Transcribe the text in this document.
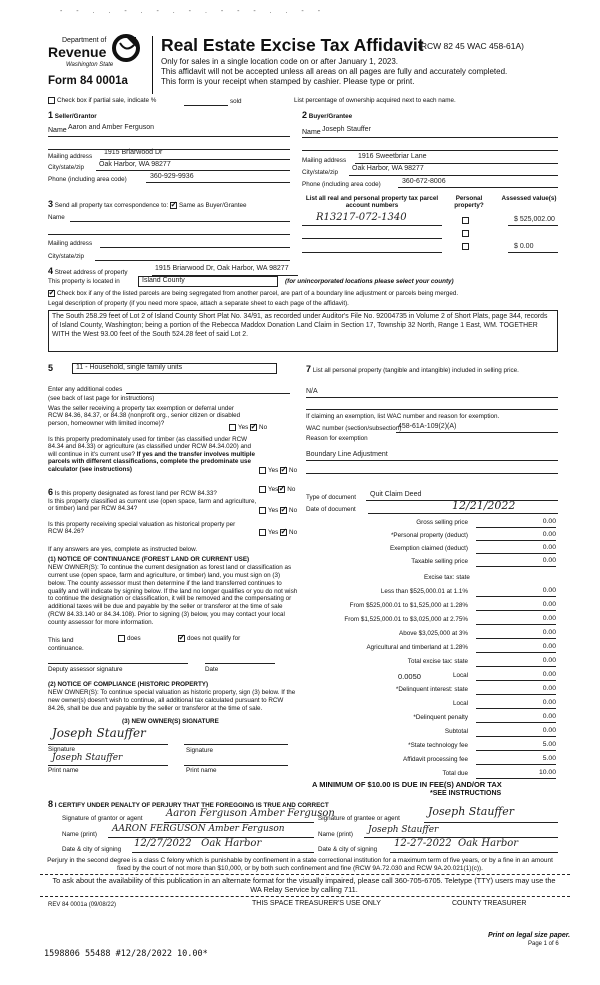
- - . . - . - . - . - - - . . - -
Department of
Revenue
Washington State
Form 84 0001a
Real Estate Excise Tax Affidavit
(RCW 82 45 WAC 458-61A)
Only for sales in a single location code on or after January 1, 2023.
This affidavit will not be accepted unless all areas on all pages are fully and accurately completed.
This form is your receipt when stamped by cashier. Please type or print.
Check box if partial sale, indicate %	sold	List percentage of ownership acquired next to each name.
1 Seller/Grantor
Name Aaron and Amber Ferguson
Mailing address
1915 Briarwood Dr
City/state/zip Oak Harbor, WA 98277
Phone (including area code)	360-929-9936
2 Buyer/Grantee
Name Joseph Stauffer
Mailing address
1916 Sweetbriar Lane
City/state/zip
Oak Harbor, WA 98277
Phone (including area code)	360-672-8006
3 Send all property tax correspondence to: ✓ Same as Buyer/Grantee
Name
Mailing address
City/state/zip
List all real and personal property tax parcel account numbers
Personal property?
Assessed value(s)
R13217-072-1340	$ 525,002.00
$ 0.00
4 Street address of property
1915 Briarwood Dr, Oak Harbor, WA 98277
This property is located in	Island County	(for unincorporated locations please select your county)
✓Check box if any of the listed parcels are being segregated from another parcel, are part of a boundary line adjustment or parcels being merged.
Legal description of property (if you need more space, attach a separate sheet to each page of the affidavit).
The South 258.29 feet of Lot 2 of Island County Short Plat No. 34/91, as recorded under Auditor's File No. 92004735 in Volume 2 of Short Plats, page 344, records of Island County, Washington; being a portion of the Rebecca Maddox Donation Land Claim in Section 17, Township 32 North, Range 1 East, WM. TOGETHER WITH the West 93.00 feet of the South 524.28 feet of said Lot 2.
5	11 - Household, single family units
Enter any additional codes
(see back of last page for instructions)
Was the seller receiving a property tax exemption or deferral under RCW 84.36, 84.37, or 84.38 (nonprofit org., senior citizen or disabled person, homeowner with limited income)?
Yes ✓ No
Is this property predominately used for timber (as classified under RCW 84.34 and 84.33) or agriculture (as classified under RCW 84.34.020) and will continue in it's current use? If yes and the transfer involves multiple parcels with different classifications, complete the predominate use calculator (see instructions)	Yes ✓ No
7 List all personal property (tangible and intangible) included in selling price.
N/A
If claiming an exemption, list WAC number and reason for exemption.
WAC number (section/subsection)
458-61A-109(2)(A)
Reason for exemption
Boundary Line Adjustment
6 Is this property designated as forest land per RCW 84.33?
Yes ✓ No
Is this property classified as current use (open space, farm and agriculture, or timber) land per RCW 84.34?	Yes ✓ No
Is this property receiving special valuation as historical property per RCW 84.26?	Yes ✓ No
If any answers are yes, complete as instructed below.
(1) NOTICE OF CONTINUANCE (FOREST LAND OR CURRENT USE)
NEW OWNER(S): To continue the current designation as forest land or classification as current use (open space, farm and agriculture, or timber) land, you must sign on (3) below. The county assessor must then determine if the land transferred continues to qualify and will indicate by signing below. If the land no longer qualifies or you do not wish to continue the designation or classification, it will be removed and the compensating or additional taxes will be due and payable by the seller or transferor at the time of sale (RCW 84.33.140 or 84.34.108). Prior to signing (3) below, you may contact your local county assessor for more information.
This land
continuance.
does ✓	does not qualify for
Deputy assessor signature	Date
(2) NOTICE OF COMPLIANCE (HISTORIC PROPERTY)
NEW OWNER(S): To continue special valuation as historic property, sign (3) below. If the new owner(s) doesn't wish to continue, all additional tax calculated pursuant to RCW 84.26, shall be due and payable by the seller or transferor at the time of sale.
(3) NEW OWNER(S) SIGNATURE
Joseph Stauffer
Signature	Signature
Joseph Stauffer
Print name	Print name
Type of document Quit Claim Deed
Date of document	12/21/2022
Gross selling price	0.00
*Personal property (deduct)	0.00
Exemption claimed (deduct)	0.00
Taxable selling price	0.00
Excise tax: state
Less than $525,000.01 at 1.1%	0.00
From $525,000.01 to $1,525,000 at 1.28%	0.00
From $1,525,000.01 to $3,025,000 at 2.75%	0.00
Above $3,025,000 at 3%	0.00
Agricultural and timberland at 1.28%	0.00
Total excise tax: state	0.00
0.0050	Local	0.00
*Delinquent interest: state	0.00
Local	0.00
*Delinquent penalty	0.00
Subtotal	0.00
*State technology fee	5.00
Affidavit processing fee	5.00
Total due	10.00
A MINIMUM OF $10.00 IS DUE IN FEE(S) AND/OR TAX
*SEE INSTRUCTIONS
8 I CERTIFY UNDER PENALTY OF PERJURY THAT THE FOREGOING IS TRUE AND CORRECT
Signature of grantor or agent Aaron Ferguson Amber Ferguson
Name (print)
AARON FERGUSON Amber Ferguson
Date & city of signing
12/27/2022   Oak Harbor
Signature of grantee or agent
Joseph Stauffer
Name (print) Joseph Stauffer
Date & city of signing
12-27-2022  Oak Harbor
Perjury in the second degree is a class C felony which is punishable by confinement in a state correctional institution for a maximum term of five years, or by a fine in an amount fixed by the court of not more than $10,000, or by both such confinement and fine (RCW 9A.72.030 and RCW 9A.20.021(1)(c)).
To ask about the availability of this publication in an alternate format for the visually impaired, please call 360-705-6705. Teletype (TTY) users may use the WA Relay Service by calling 711.
REV 84 0001a (09/08/22)	THIS SPACE TREASURER'S USE ONLY	COUNTY TREASURER
Print on legal size paper.
Page 1 of 6
1598806 55488 #12/28/2022 10.00*
